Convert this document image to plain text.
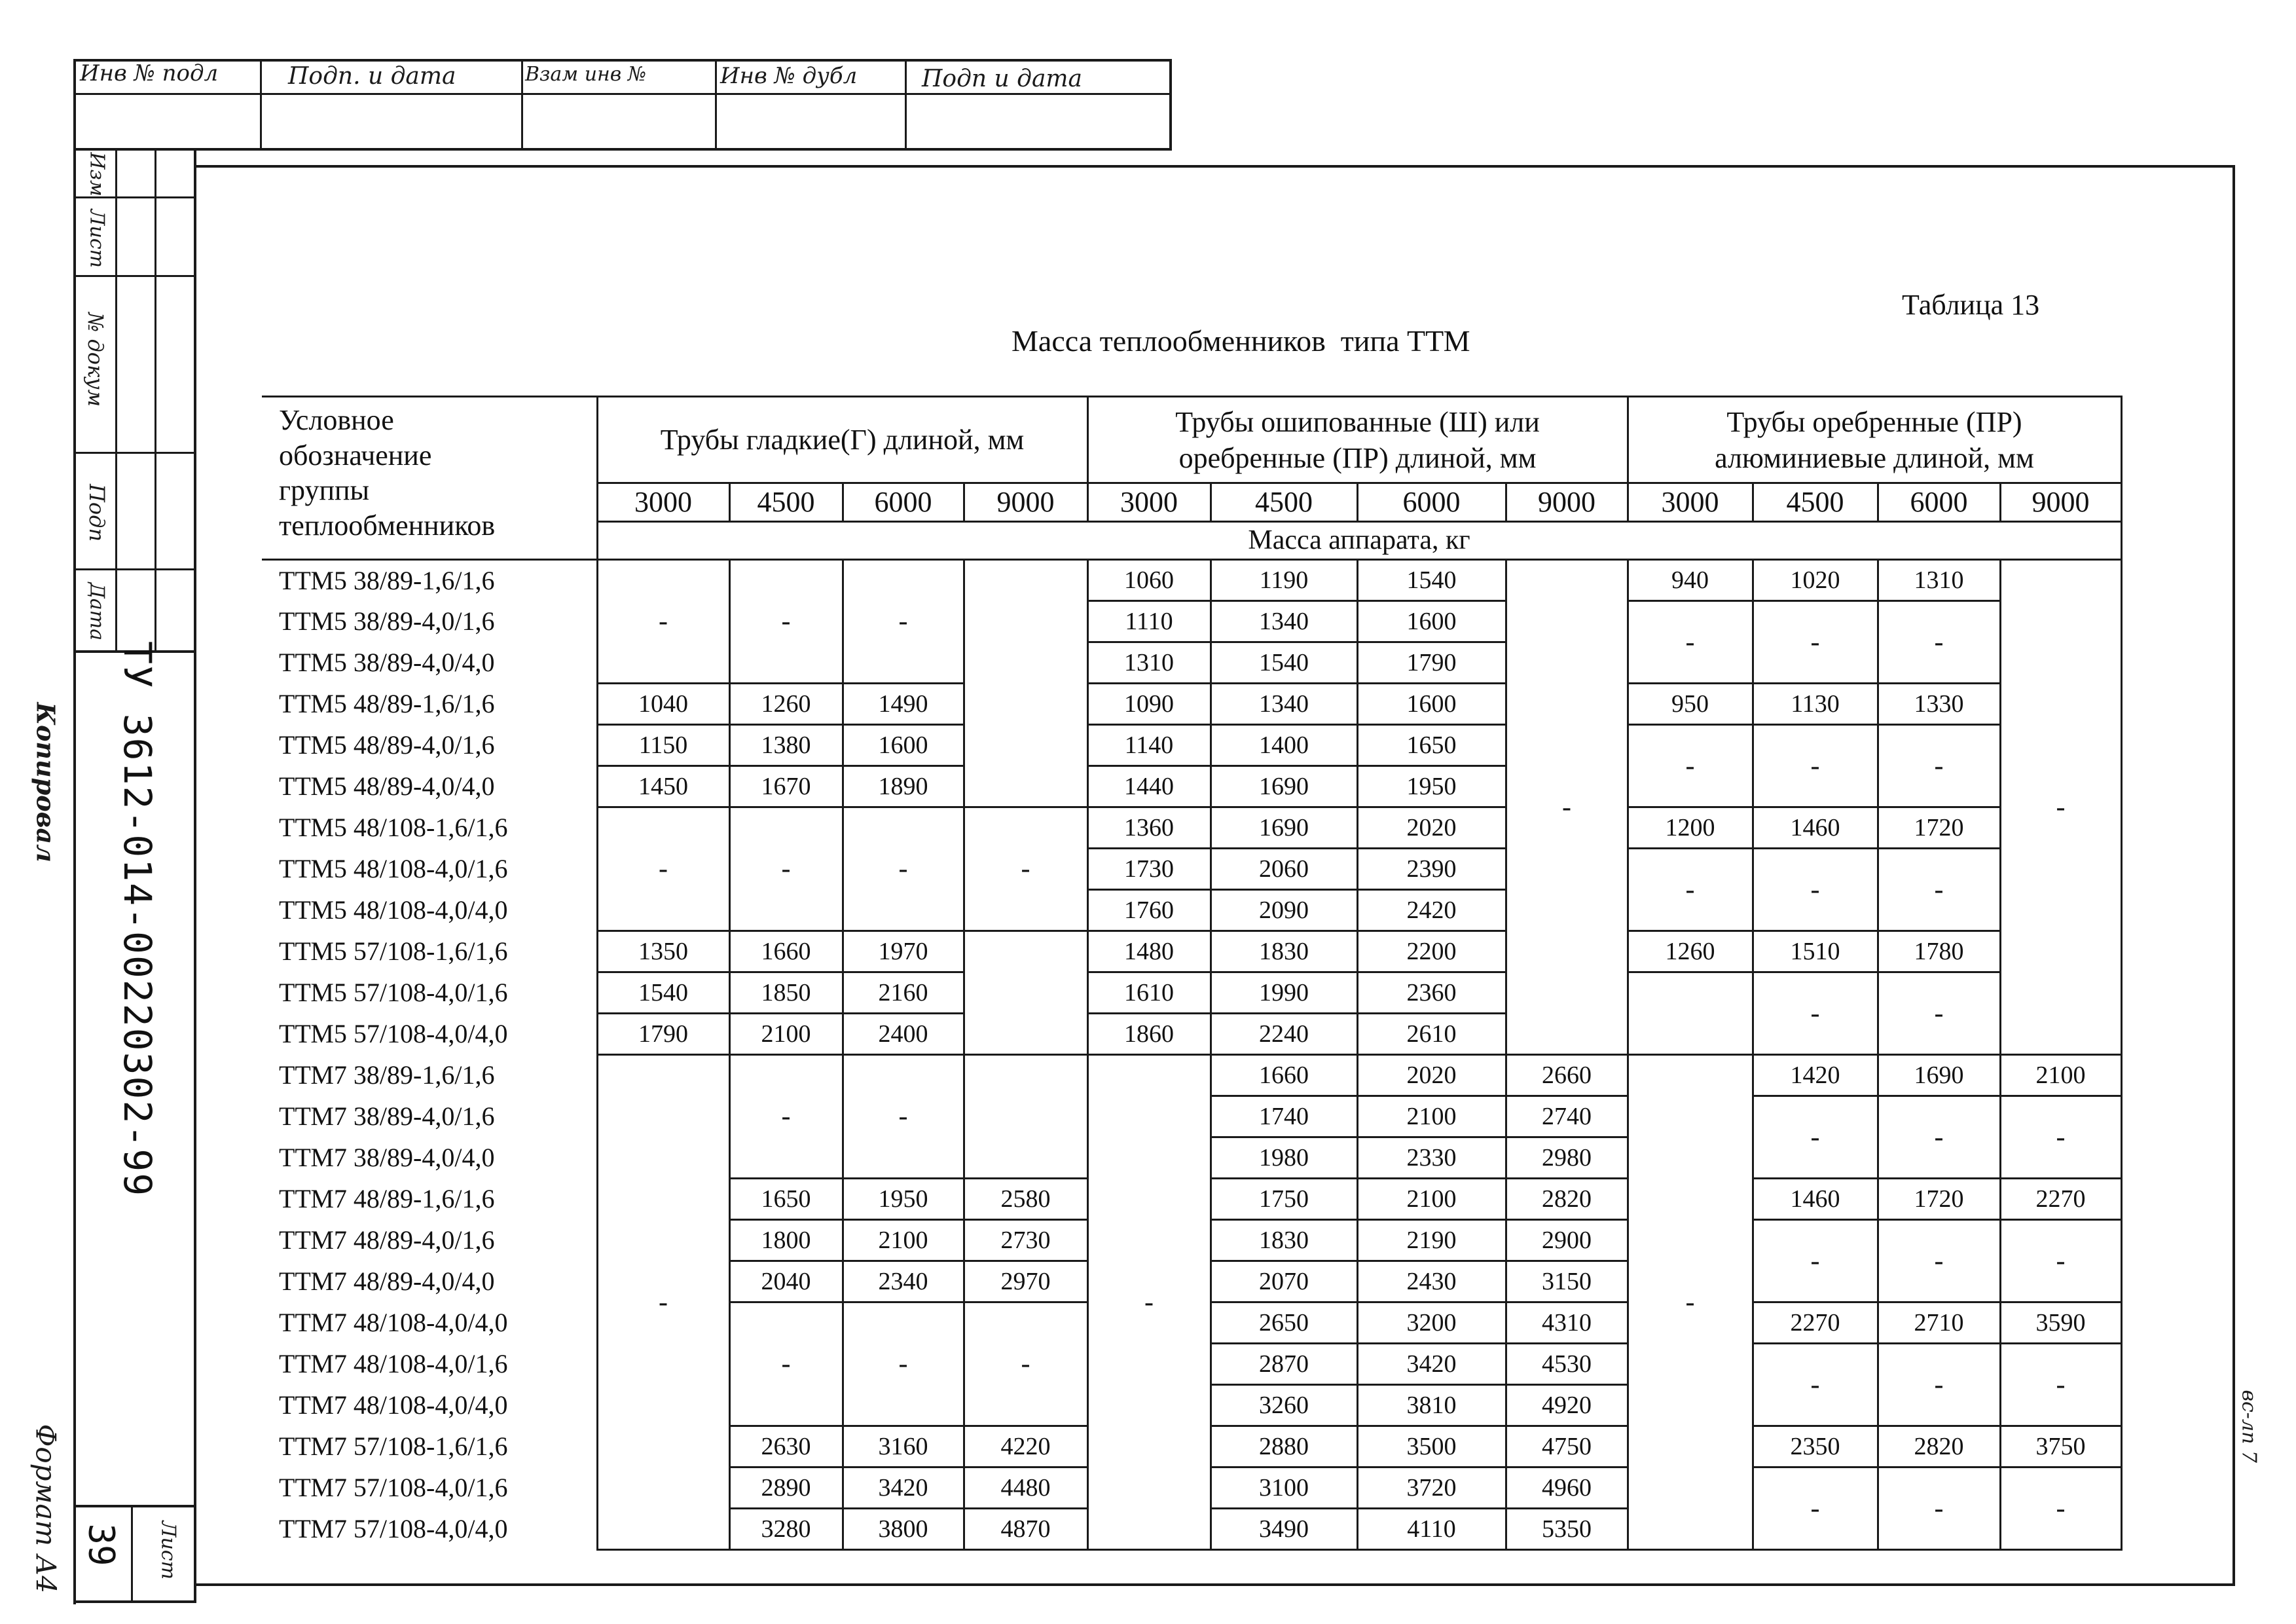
Инв № подл	Подп. и дата	Взам инв №	Инв № дубл	Подп и дата
Изм
Лист
№ докум
Подп
Дата
ТУ 3612-014-00220302-99
Лист
39
Копировал
Формат А4	вс-лп 7
Таблица 13
Масса теплообменников  типа ТТМ
Условное
обозначение
группы
теплообменников	Трубы гладкие(Г) длиной, мм				Трубы ошипованные (Ш) или оребренные (ПР) длиной, мм				Трубы оребренные (ПР) алюминиевые длиной, мм			
	3000	4500	6000	9000	3000	4500	6000	9000	3000	4500	6000	9000
	Масса аппарата, кг											
ТТМ5 38/89-1,6/1,6	-	-	-		1060	1190	1540	-	940	1020	1310	-
ТТМ5 38/89-4,0/1,6					1110	1340	1600		-	-	-	
ТТМ5 38/89-4,0/4,0					1310	1540	1790					
ТТМ5 48/89-1,6/1,6	1040	1260	1490		1090	1340	1600		950	1130	1330	
ТТМ5 48/89-4,0/1,6	1150	1380	1600		1140	1400	1650		-	-	-	
ТТМ5 48/89-4,0/4,0	1450	1670	1890		1440	1690	1950					
ТТМ5 48/108-1,6/1,6	-	-	-	-	1360	1690	2020		1200	1460	1720	
ТТМ5 48/108-4,0/1,6					1730	2060	2390		-	-	-	
ТТМ5 48/108-4,0/4,0					1760	2090	2420					
ТТМ5 57/108-1,6/1,6	1350	1660	1970		1480	1830	2200		1260	1510	1780	
ТТМ5 57/108-4,0/1,6	1540	1850	2160		1610	1990	2360			-	-	
ТТМ5 57/108-4,0/4,0	1790	2100	2400		1860	2240	2610					
ТТМ7 38/89-1,6/1,6	-	-	-		-	1660	2020	2660	-	1420	1690	2100
ТТМ7 38/89-4,0/1,6						1740	2100	2740		-	-	-
ТТМ7 38/89-4,0/4,0						1980	2330	2980				
ТТМ7 48/89-1,6/1,6		1650	1950	2580		1750	2100	2820		1460	1720	2270
ТТМ7 48/89-4,0/1,6		1800	2100	2730		1830	2190	2900		-	-	-
ТТМ7 48/89-4,0/4,0		2040	2340	2970		2070	2430	3150				
ТТМ7 48/108-4,0/4,0		-	-	-		2650	3200	4310		2270	2710	3590
ТТМ7 48/108-4,0/1,6						2870	3420	4530		-	-	-
ТТМ7 48/108-4,0/4,0						3260	3810	4920				
ТТМ7 57/108-1,6/1,6		2630	3160	4220		2880	3500	4750		2350	2820	3750
ТТМ7 57/108-4,0/1,6		2890	3420	4480		3100	3720	4960		-	-	-
ТТМ7 57/108-4,0/4,0		3280	3800	4870		3490	4110	5350				
